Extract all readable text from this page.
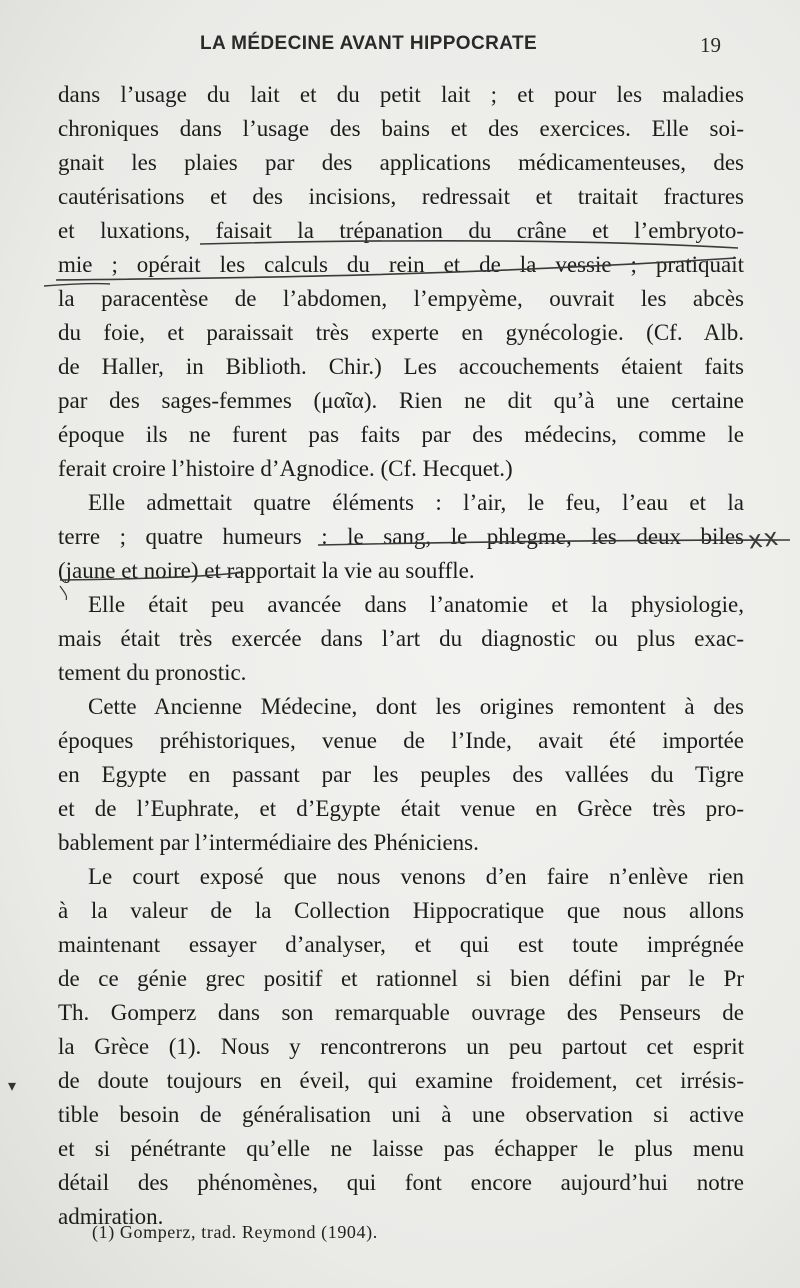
LA MÉDECINE AVANT HIPPOCRATE	19
dans l’usage du lait et du petit lait ; et pour les maladies
chroniques dans l’usage des bains et des exercices. Elle soi-
gnait les plaies par des applications médicamenteuses, des
cautérisations et des incisions, redressait et traitait fractures
et luxations, faisait la trépanation du crâne et l’embryoto-
mie ; opérait les calculs du rein et de la vessie ; pratiquait
la paracentèse de l’abdomen, l’empyème, ouvrait les abcès
du foie, et paraissait très experte en gynécologie. (Cf. Alb.
de Haller, in Biblioth. Chir.) Les accouchements étaient faits
par des sages-femmes (μαῖα). Rien ne dit qu’à une certaine
époque ils ne furent pas faits par des médecins, comme le
ferait croire l’histoire d’Agnodice. (Cf. Hecquet.)
Elle admettait quatre éléments : l’air, le feu, l’eau et la
terre ; quatre humeurs : le sang, le phlegme, les deux biles
(jaune et noire) et rapportait la vie au souffle.
Elle était peu avancée dans l’anatomie et la physiologie,
mais était très exercée dans l’art du diagnostic ou plus exac-
tement du pronostic.
Cette Ancienne Médecine, dont les origines remontent à des
époques préhistoriques, venue de l’Inde, avait été importée
en Egypte en passant par les peuples des vallées du Tigre
et de l’Euphrate, et d’Egypte était venue en Grèce très pro-
bablement par l’intermédiaire des Phéniciens.
Le court exposé que nous venons d’en faire n’enlève rien
à la valeur de la Collection Hippocratique que nous allons
maintenant essayer d’analyser, et qui est toute imprégnée
de ce génie grec positif et rationnel si bien défini par le Pr
Th. Gomperz dans son remarquable ouvrage des Penseurs de
la Grèce (1). Nous y rencontrerons un peu partout cet esprit
de doute toujours en éveil, qui examine froidement, cet irrésis-
tible besoin de généralisation uni à une observation si active
et si pénétrante qu’elle ne laisse pas échapper le plus menu
détail des phénomènes, qui font encore aujourd’hui notre
admiration.
(1) Gomperz, trad. Reymond (1904).
x x
▾
